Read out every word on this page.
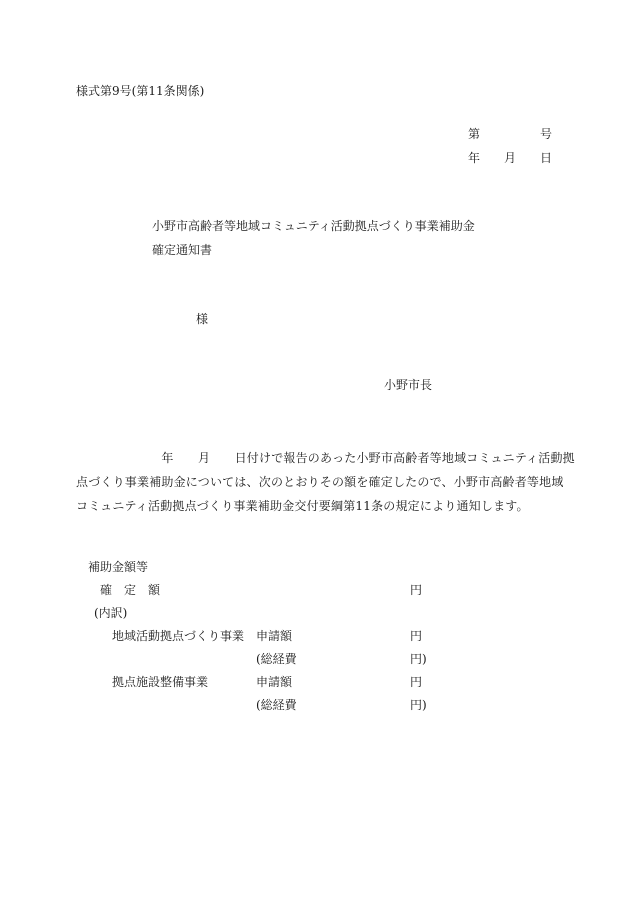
様式第9号(第11条関係)
第	号
年 月 日
小野市高齢者等地域コミュニティ活動拠点づくり事業補助金
確定通知書
様
小野市長
　　　　　　　年　　月　　日付けで報告のあった小野市高齢者等地域コミュニティ活動拠
点づくり事業補助金については、次のとおりその額を確定したので、小野市高齢者等地域
コミュニティ活動拠点づくり事業補助金交付要綱第11条の規定により通知します。
補助金額等
確　定　額	円
(内訳)
地域活動拠点づくり事業 申請額	円
(総経費	円)
拠点施設整備事業	申請額	円
(総経費	円)
